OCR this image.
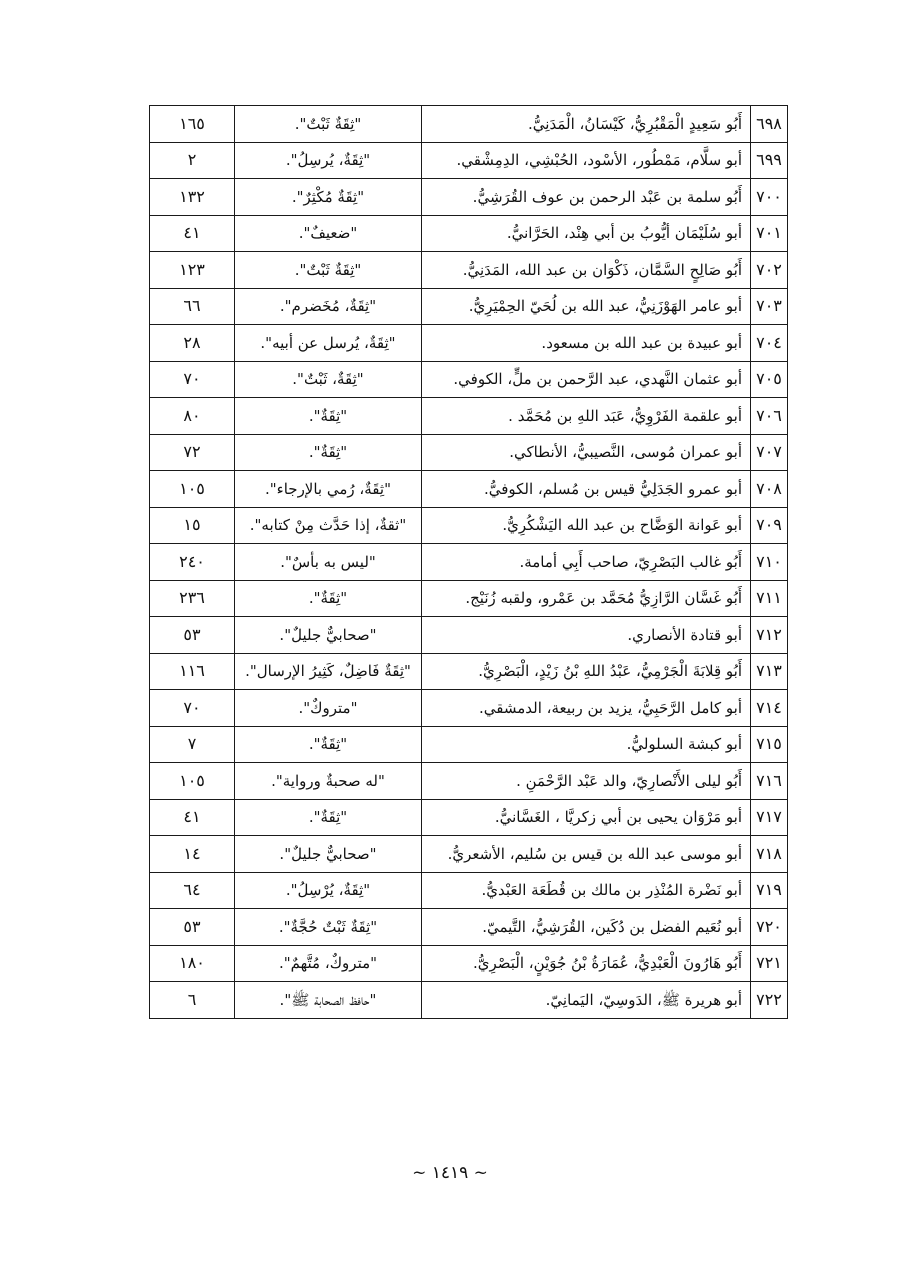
٦٩٨	أَبُو سَعِيدٍ الْمَقْبُرِيُّ، كَيْسَانُ، الْمَدَنِيُّ.	"ثِقَةٌ ثَبْتٌ".	١٦٥
٦٩٩	أبو سلَّام، مَمْطُور، الأسْود، الحُبْشِي، الدِمِشْقي.	"ثِقَةٌ، يُرسِلُ".	٢
٧٠٠	أَبُو سلمة بن عَبْد الرحمن بن عوف القُرَشِيُّ.	"ثِقَةٌ مُكْثِرٌ".	١٣٢
٧٠١	أبو سُلَيْمَان أيُّوبُ بن أبي هِنْد، الحَرَّانيُّ.	"ضعيفٌ".	٤١
٧٠٢	أَبُو صَالِحٍ السَّمَّان، ذَكْوَان بن عبد الله، المَدَنِيُّ.	"ثِقَةٌ ثَبْتٌ".	١٢٣
٧٠٣	أبو عامر الهَوْزَنِيُّ، عبد الله بن لُحَيّ الحِمْيَرِيُّ.	"ثِقَةٌ، مُخَضرم".	٦٦
٧٠٤	أبو عبيدة بن عبد الله بن مسعود.	"ثِقَةٌ، يُرسل عن أبيه".	٢٨
٧٠٥	أبو عثمان النَّهدي، عبد الرَّحمن بن ملٍّ، الكوفي.	"ثِقَةٌ، ثَبْتٌ".	٧٠
٧٠٦	أبو علقمة الفَرْوِيُّ، عَبَد اللهِ بن مُحَمَّد .	"ثِقَةٌ".	٨٠
٧٠٧	أبو عمران مُوسى، النَّصيبيُّ، الأنطاكي.	"ثِقَةٌ".	٧٢
٧٠٨	أبو عمرو الجَدَلِيُّ قيس بن مُسلم، الكوفيُّ.	"ثِقَةٌ، رُمي بالإرجاء".	١٠٥
٧٠٩	أبو عَوانة الوَضَّاح بن عبد الله اليَشْكُرِيُّ.	"ثقةٌ، إذا حَدَّث مِنْ كتابه".	١٥
٧١٠	أَبُو غالب البَصْرِيّ، صاحب أَبِي أمامة.	"ليس به بأسٌ".	٢٤٠
٧١١	أَبُو غَسَّان الرَّازِيُّ مُحَمَّد بن عَمْرو، ولقبه زُنَيْج.	"ثِقَةٌ".	٢٣٦
٧١٢	أبو قتادة الأنصاري.	"صحابيٌّ جليلٌ".	٥٣
٧١٣	أَبُو قِلابَةَ الْجَرْمِيُّ، عَبْدُ اللهِ بْنُ زَيْدٍ، الْبَصْرِيُّ.	"ثِقَةٌ فَاضِلٌ، كَثِيرُ الإرسال".	١١٦
٧١٤	أبو كامل الرَّحَبِيُّ، يزيد بن ربيعة، الدمشقي.	"متروكٌ".	٧٠
٧١٥	أبو كبشة السلوليُّ.	"ثِقَةٌ".	٧
٧١٦	أَبُو ليلى الأَنْصارِيّ، والد عَبْد الرَّحْمَنِ .	"له صحبةٌ ورواية".	١٠٥
٧١٧	أبو مَرْوَان يحيى بن أبي زكريَّا ، الغَسَّانيُّ.	"ثِقَةٌ".	٤١
٧١٨	أبو موسى عبد الله بن قيس بن سُليم، الأشعريُّ.	"صحابيٌّ جليلٌ".	١٤
٧١٩	أبو نَضْرة المُنْذِر بن مالك بن قُطَعَة العَبْديُّ.	"ثِقَةٌ، يُرْسِلُ".	٦٤
٧٢٠	أبو نُعَيم الفضل بن دُكَين، القُرَشِيُّ، التَّيميّ.	"ثِقَةٌ ثَبْتٌ حُجَّةٌ".	٥٣
٧٢١	أَبُو هَارُونَ الْعَبْدِيُّ، عُمَارَةُ بْنُ جُوَيْنٍ، الْبَصْرِيُّ.	"متروكٌ، مُتَّهمٌ".	١٨٠
٧٢٢	أبو هريرة ﷺ، الدَوسِيّ، اليَمانِيّ.	"حافظ الصحابة ﷺ".	٦
~ ١٤١٩ ~
